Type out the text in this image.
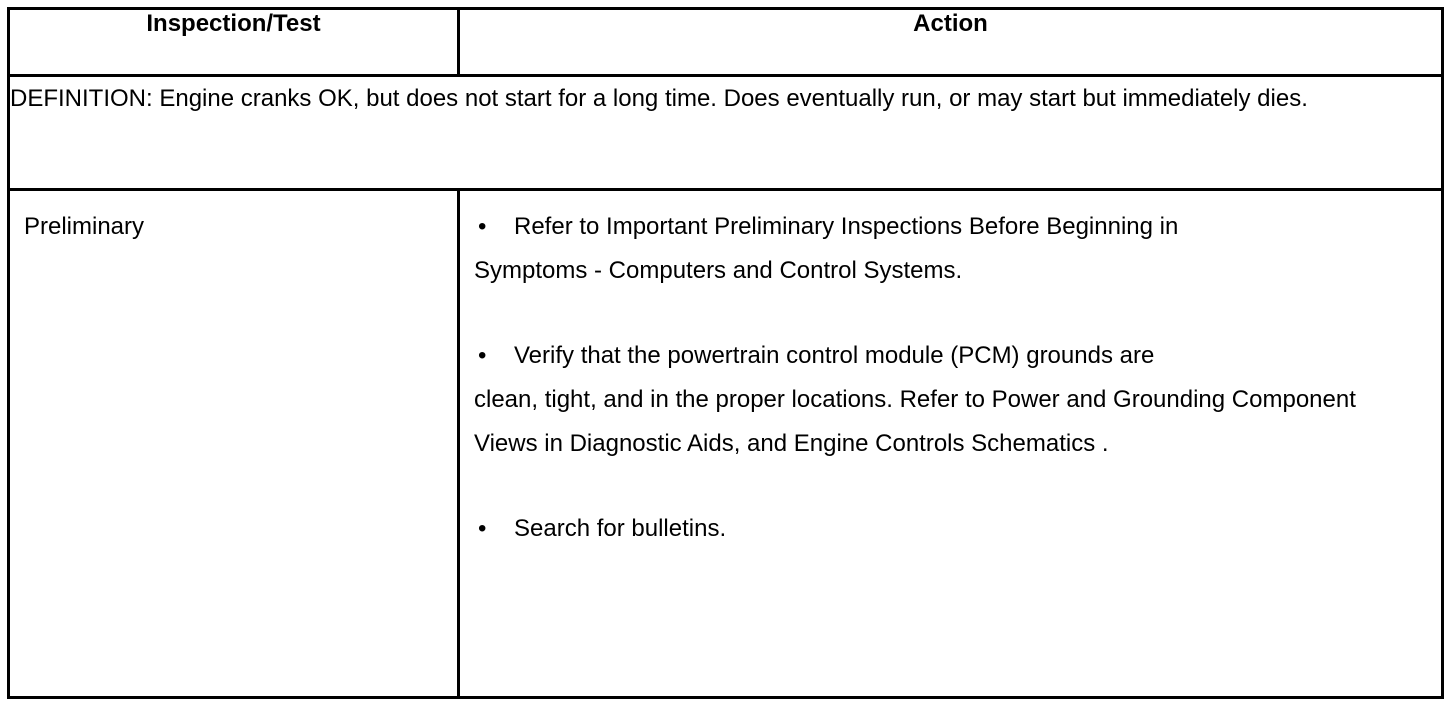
Inspection/Test	Action
DEFINITION: Engine cranks OK, but does not start for a long time. Does eventually run, or may start but immediately dies.	
Preliminary	• Refer to Important Preliminary Inspections Before Beginning in
Symptoms - Computers and Control Systems.
• Verify that the powertrain control module (PCM) grounds are
clean, tight, and in the proper locations. Refer to Power and Grounding Component Views in Diagnostic Aids, and Engine Controls Schematics .
• Search for bulletins.
